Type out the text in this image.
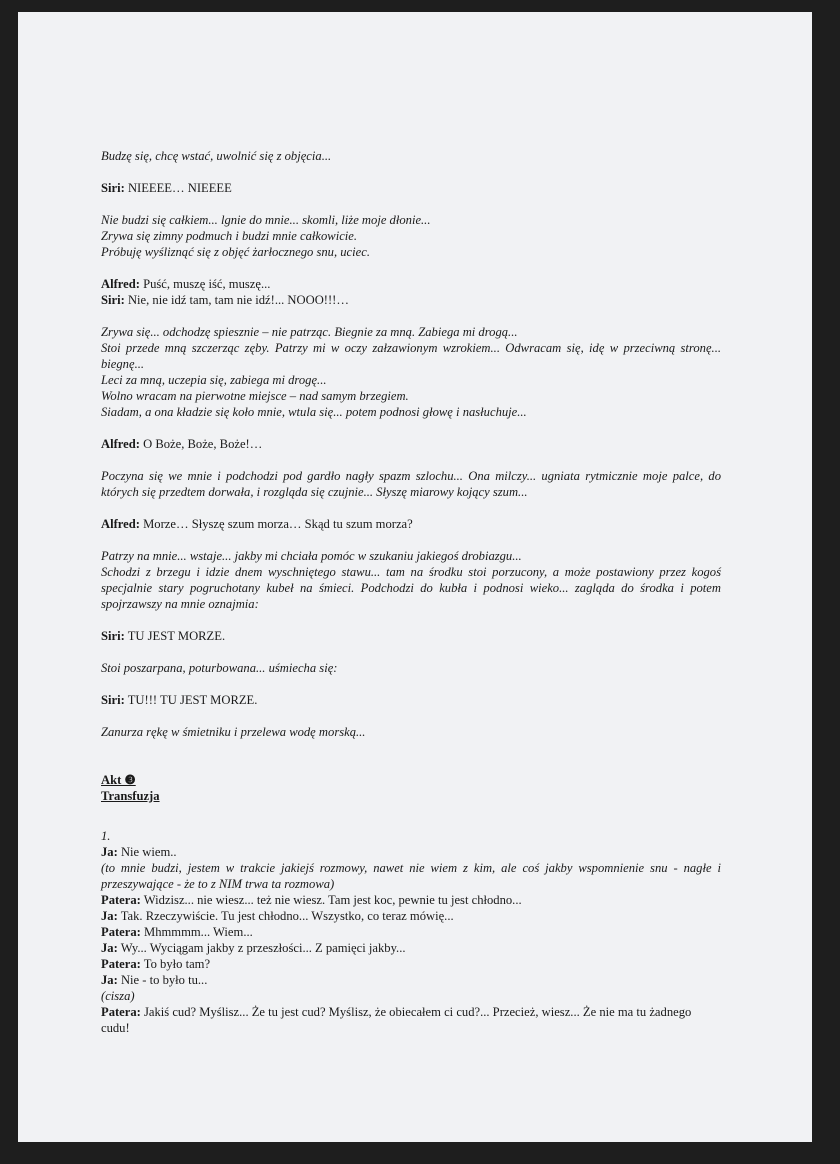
Budzę się, chcę wstać, uwolnić się z objęcia...

Siri: NIEEEE… NIEEEE

Nie budzi się całkiem... lgnie do mnie... skomli, liże moje dłonie...
Zrywa się zimny podmuch i budzi mnie całkowicie.
Próbuję wyśliznąć się z objęć żarłocznego snu, uciec.

Alfred: Puść, muszę iść, muszę...
Siri: Nie, nie idź tam, tam nie idź!... NOOO!!!…

Zrywa się... odchodzę spiesznie – nie patrząc. Biegnie za mną. Zabiega mi drogą...
Stoi przede mną szczerząc zęby. Patrzy mi w oczy załzawionym wzrokiem... Odwracam się, idę w przeciwną stronę... biegnę...
Leci za mną, uczepia się, zabiega mi drogę...
Wolno wracam na pierwotne miejsce – nad samym brzegiem.
Siadam, a ona kładzie się koło mnie, wtula się... potem podnosi głowę i nasłuchuje...

Alfred: O Boże, Boże, Boże!…

Poczyna się we mnie i podchodzi pod gardło nagły spazm szlochu... Ona milczy... ugniata rytmicznie moje palce, do których się przedtem dorwała, i rozgląda się czujnie... Słyszę miarowy kojący szum...

Alfred: Morze… Słyszę szum morza… Skąd tu szum morza?

Patrzy na mnie... wstaje... jakby mi chciała pomóc w szukaniu jakiegoś drobiazgu...
Schodzi z brzegu i idzie dnem wyschniętego stawu... tam na środku stoi porzucony, a może postawiony przez kogoś specjalnie stary pogruchotany kubeł na śmieci. Podchodzi do kubła i podnosi wieko... zagląda do środka i potem spojrzawszy na mnie oznajmia:

Siri: TU JEST MORZE.

Stoi poszarpana, poturbowana... uśmiecha się:

Siri: TU!!! TU JEST MORZE.

Zanurza rękę w śmietniku i przelewa wodę morską...

Akt ❸

Transfuzja

1.
Ja: Nie wiem..
(to mnie budzi, jestem w trakcie jakiejś rozmowy, nawet nie wiem z kim, ale coś jakby wspomnienie snu - nagłe i przeszywające - że to z NIM trwa ta rozmowa)
Patera: Widzisz... nie wiesz... też nie wiesz. Tam jest koc, pewnie tu jest chłodno...
Ja: Tak. Rzeczywiście. Tu jest chłodno... Wszystko, co teraz mówię...
Patera: Mhmmmm... Wiem...
Ja: Wy... Wyciągam jakby z przeszłości... Z pamięci jakby...
Patera: To było tam?
Ja: Nie - to było tu...
(cisza)
Patera: Jakiś cud? Myślisz... Że tu jest cud? Myślisz, że obiecałem ci cud?... Przecież, wiesz... Że nie ma tu żadnego cudu!
